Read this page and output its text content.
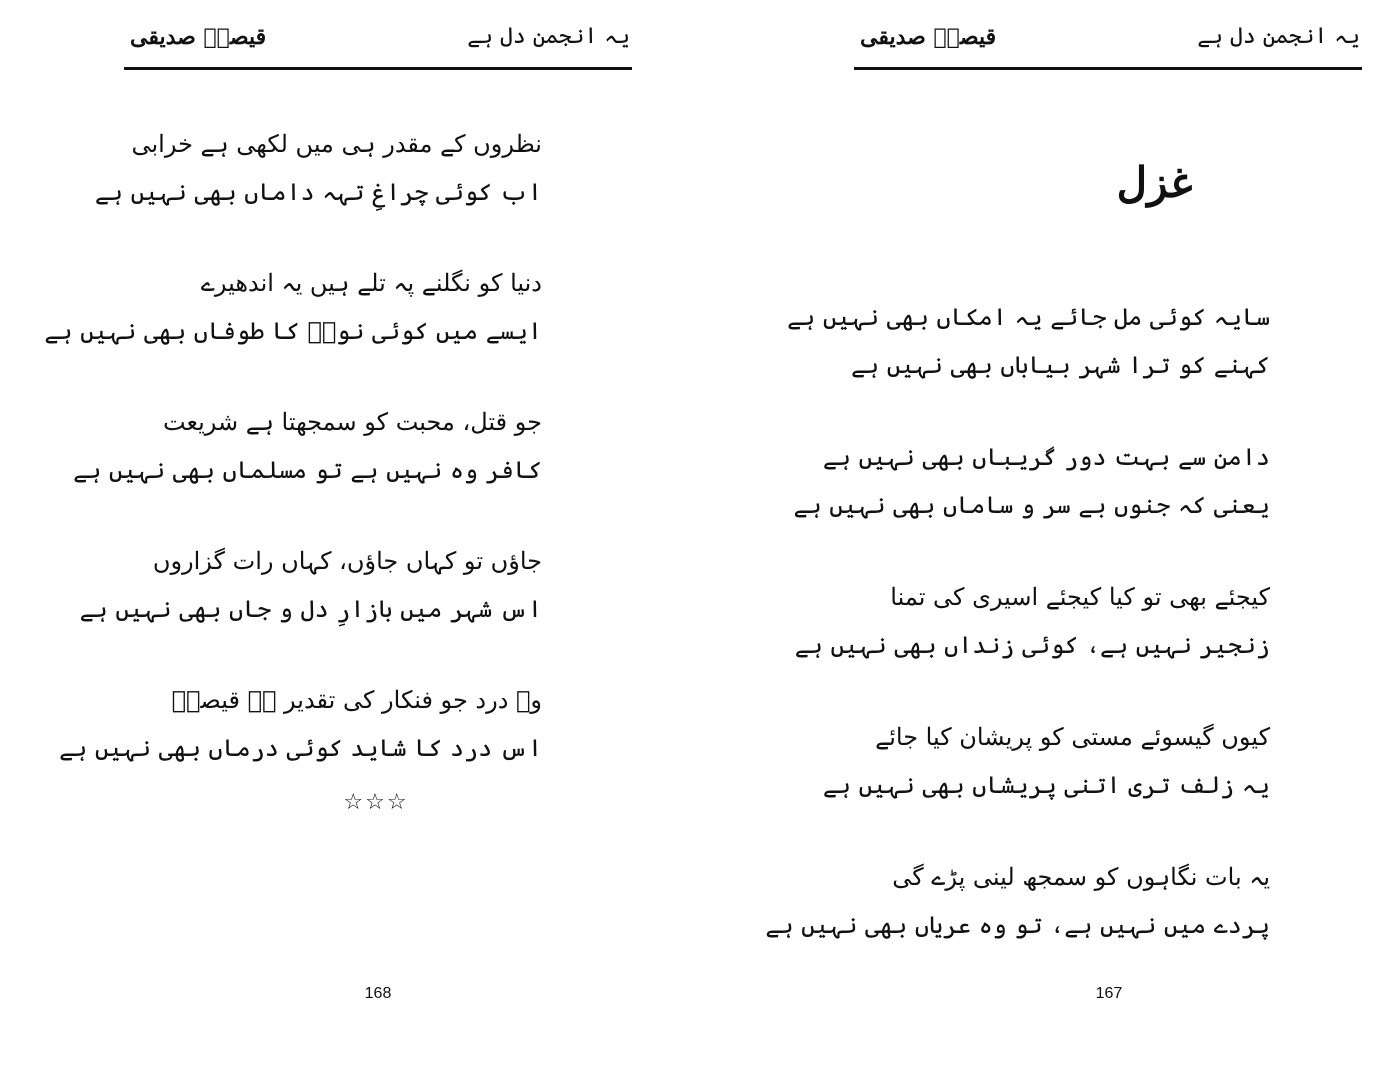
یہ انجمن دل ہے
قیصرؔ صدیقی
نظروں کے مقدر ہی میں لکھی ہے خرابی
اب کوئی چراغِ تہہ داماں بھی نہیں ہے
دنیا کو نگلنے پہ تلے ہیں یہ اندھیرے
ایسے میں کوئی نوحؑ کا طوفاں بھی نہیں ہے
جو قتل، محبت کو سمجھتا ہے شریعت
کافر وہ نہیں ہے تو مسلماں بھی نہیں ہے
جاؤں تو کہاں جاؤں، کہاں رات گزاروں
اس شہر میں بازارِ دل و جاں بھی نہیں ہے
وہ درد جو فنکار کی تقدیر ہے قیصرؔ
اس درد کا شاید کوئی درماں بھی نہیں ہے
☆☆☆
168
یہ انجمن دل ہے
قیصرؔ صدیقی
سایہ کوئی مل جائے یہ امکاں بھی نہیں ہے
کہنے کو ترا شہر بیاباں بھی نہیں ہے
دامن سے بہت دور گریباں بھی نہیں ہے
یعنی کہ جنوں بے سر و ساماں بھی نہیں ہے
کیجئے بھی تو کیا کیجئے اسیری کی تمنا
زنجیر نہیں ہے، کوئی زنداں بھی نہیں ہے
کیوں گیسوئے مستی کو پریشان کیا جائے
یہ زلف تری اتنی پریشاں بھی نہیں ہے
یہ بات نگاہوں کو سمجھ لینی پڑے گی
پردے میں نہیں ہے، تو وہ عریاں بھی نہیں ہے
167
غزل
